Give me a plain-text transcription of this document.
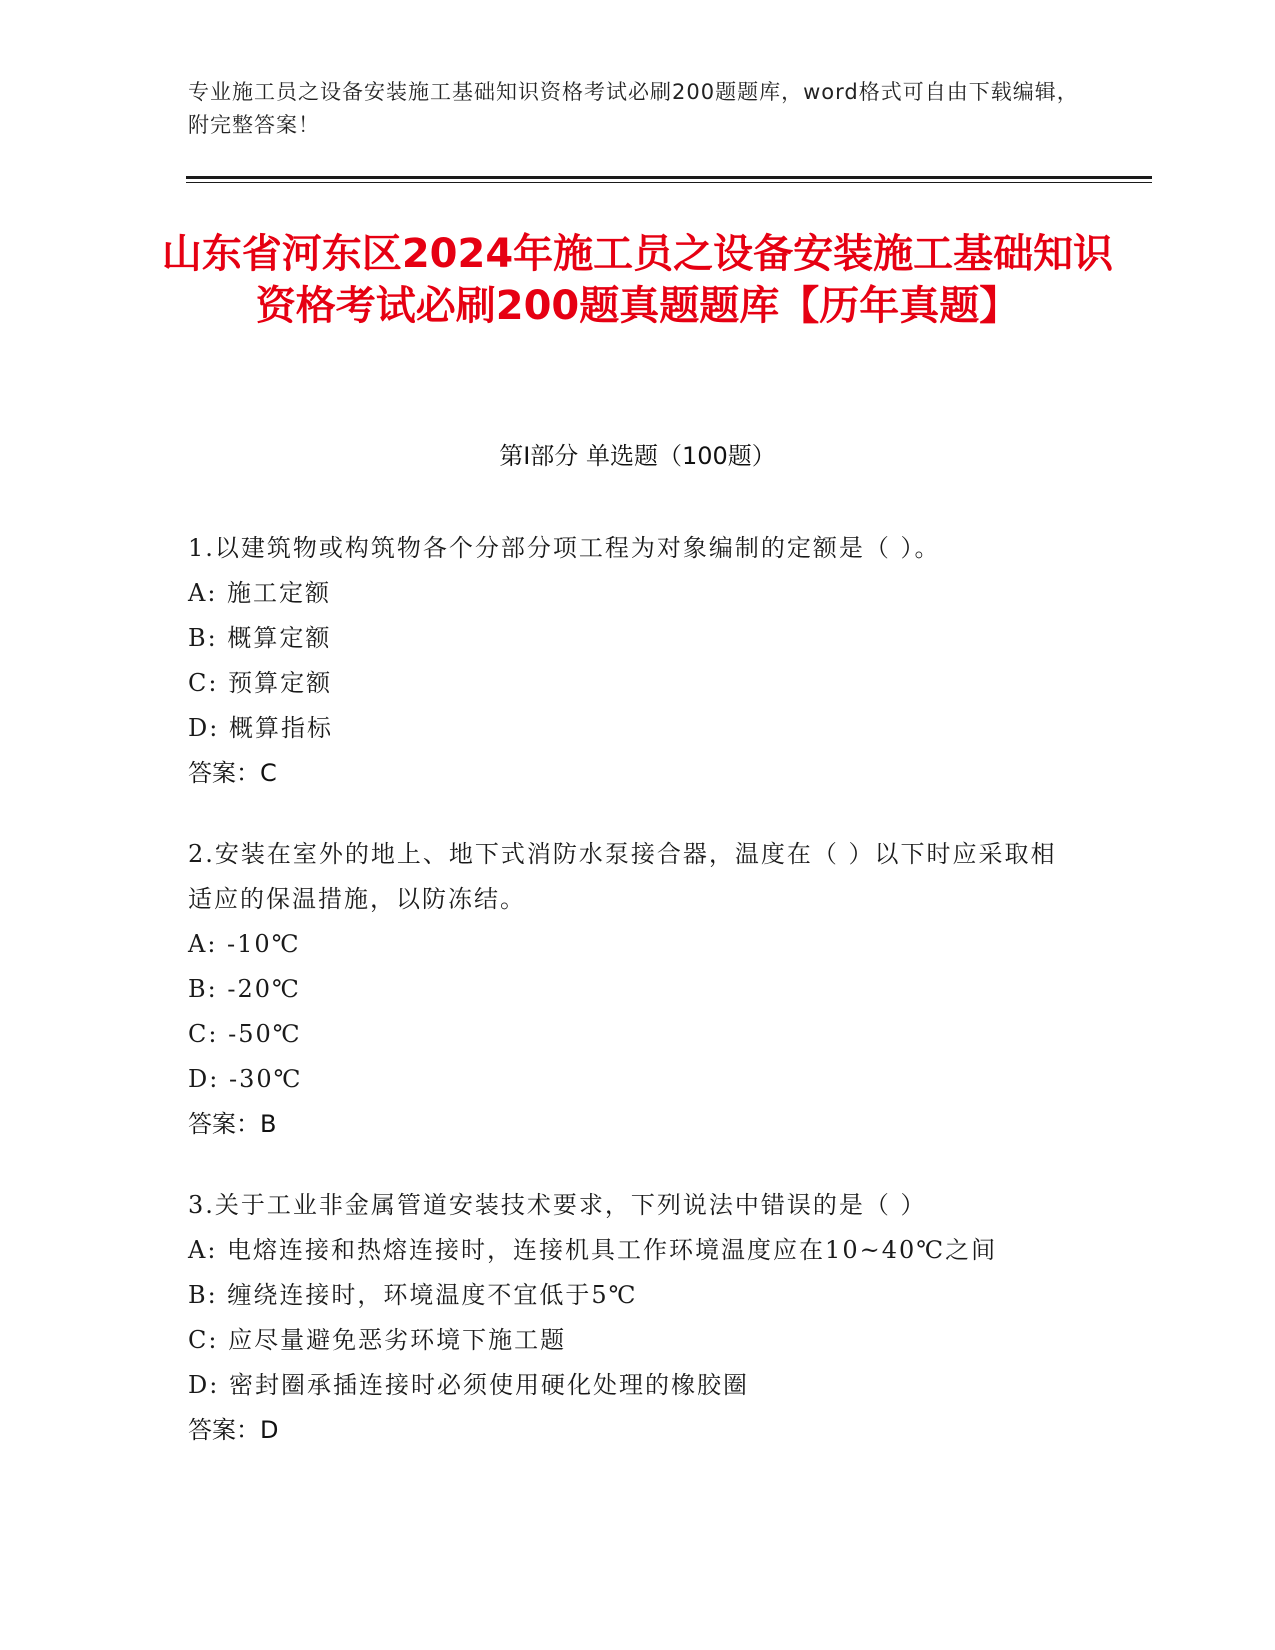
专业施工员之设备安装施工基础知识资格考试必刷200题题库，word格式可自由下载编辑，附完整答案！
山东省河东区2024年施工员之设备安装施工基础知识资格考试必刷200题真题题库【历年真题】
第Ⅰ部分 单选题（100题）
1.以建筑物或构筑物各个分部分项工程为对象编制的定额是（ ）。
A: 施工定额
B: 概算定额
C: 预算定额
D: 概算指标
答案：C
2.安装在室外的地上、地下式消防水泵接合器，温度在（ ）以下时应采取相适应的保温措施，以防冻结。
A: -10℃
B: -20℃
C: -50℃
D: -30℃
答案：B
3.关于工业非金属管道安装技术要求，下列说法中错误的是（ ）
A: 电熔连接和热熔连接时，连接机具工作环境温度应在10~40℃之间
B: 缠绕连接时，环境温度不宜低于5℃
C: 应尽量避免恶劣环境下施工题
D: 密封圈承插连接时必须使用硬化处理的橡胶圈
答案：D
